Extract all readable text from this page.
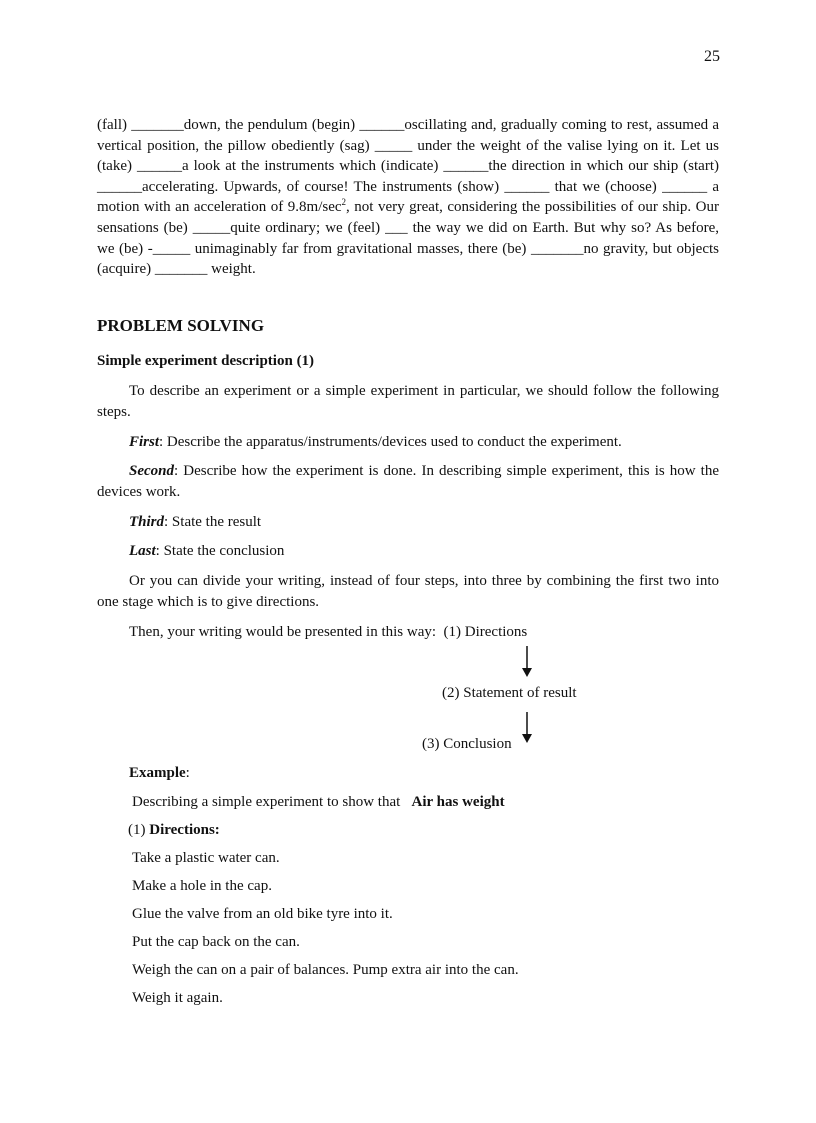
25

(fall) _______down, the pendulum (begin) ______oscillating and, gradually coming to rest, assumed a vertical position, the pillow obediently (sag) _____ under the weight of the valise lying on it. Let us (take) ______a look at the instruments which (indicate) ______the direction in which our ship (start) ______accelerating. Upwards, of course! The instruments (show) ______ that we (choose) ______ a motion with an acceleration of $9.8m/\sec^2$, not very great, considering the possibilities of our ship. Our sensations (be) _____quite ordinary; we (feel) ___ the way we did on Earth. But why so? As before, we (be) -_____ unimaginably far from gravitational masses, there (be) _______no gravity, but objects (acquire) _______ weight.

PROBLEM SOLVING

Simple experiment description (1)

To describe an experiment or a simple experiment in particular, we should follow the following steps.

First: Describe the apparatus/instruments/devices used to conduct the experiment.

Second: Describe how the experiment is done. In describing simple experiment, this is how the devices work.

Third: State the result

Last: State the conclusion

Or you can divide your writing, instead of four steps, into three by combining the first two into one stage which is to give directions.

Then, your writing would be presented in this way: (1) Directions

(2) Statement of result

(3) Conclusion

Example:

Describing a simple experiment to show that Air has weight

(1) Directions:

Take a plastic water can.

Make a hole in the cap.

Glue the valve from an old bike tyre into it.

Put the cap back on the can.

Weigh the can on a pair of balances. Pump extra air into the can.

Weigh it again.
